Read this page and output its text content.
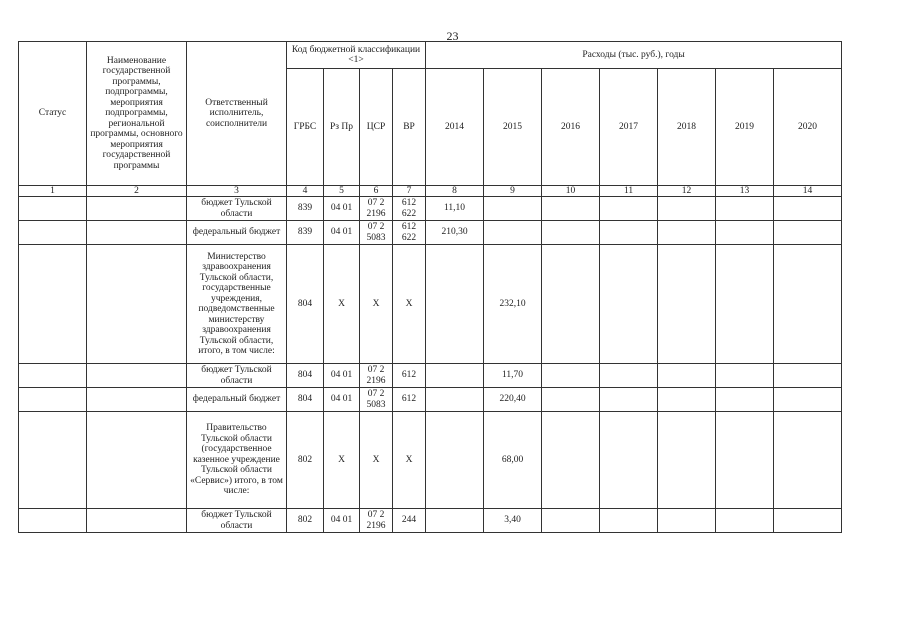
23
Статус	Наименование государственной программы, подпрограммы, мероприятия подпрограммы, региональной программы, основного мероприятия государственной программы	Ответственный исполнитель, соисполнители	Код бюджетной классификации <1>				Расходы (тыс. руб.), годы						
			ГРБС	Рз Пр	ЦСР	ВР	2014	2015	2016	2017	2018	2019	2020
1	2	3	4	5	6	7	8	9	10	11	12	13	14
		бюджет Тульской области	839	04 01	07 2 2196	612 622	11,10						
		федеральный бюджет	839	04 01	07 2 5083	612 622	210,30						
		Министерство здравоохранения Тульской области, государственные учреждения, подведомственные министерству здравоохранения Тульской области, итого, в том числе:	804	Х	Х	Х		232,10					
		бюджет Тульской области	804	04 01	07 2 2196	612		11,70					
		федеральный бюджет	804	04 01	07 2 5083	612		220,40					
		Правительство Тульской области (государственное казенное учреждение Тульской области «Сервис») итого, в том числе:	802	Х	Х	Х		68,00					
		бюджет Тульской области	802	04 01	07 2 2196	244		3,40					
